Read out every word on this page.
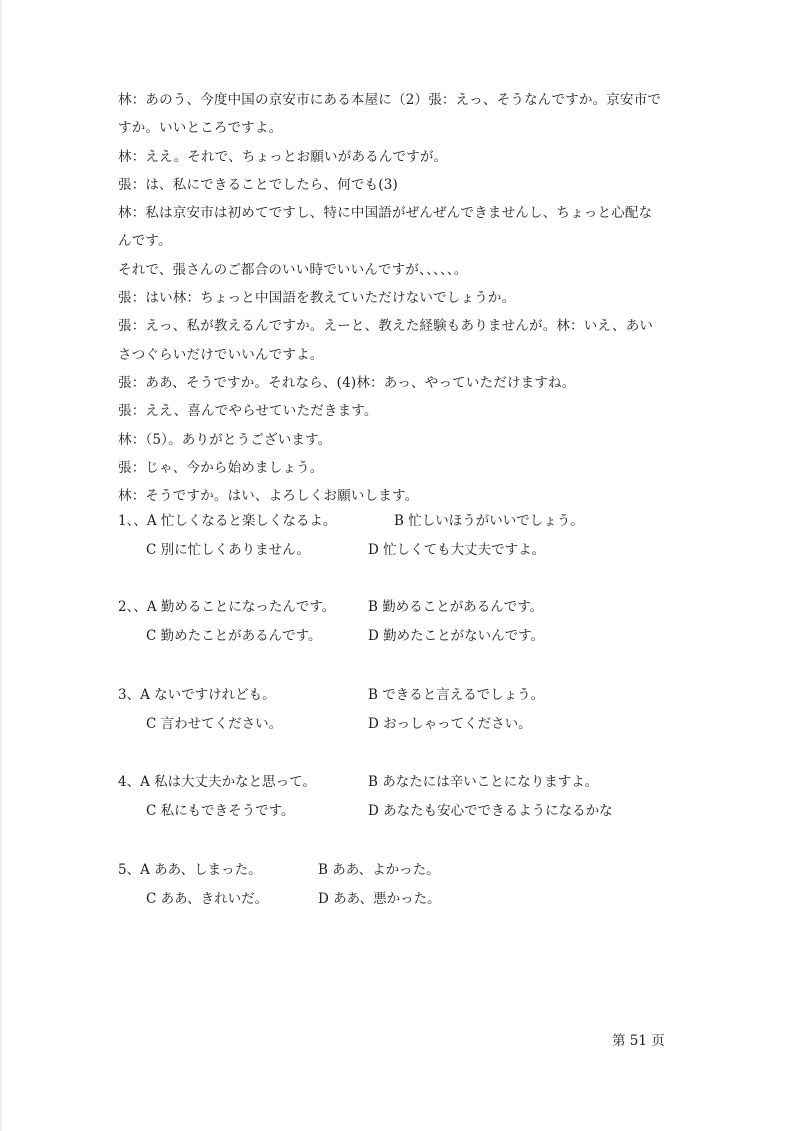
林：あのう、今度中国の京安市にある本屋に（2）張：えっ、そうなんですか。京安市で
すか。いいところですよ。
林：ええ。それで、ちょっとお願いがあるんですが。
張：は、私にできることでしたら、何でも(3)
林：私は京安市は初めてですし、特に中国語がぜんぜんできませんし、ちょっと心配な
んです。
それで、張さんのご都合のいい時でいいんですが、、、、、。
張：はい林：ちょっと中国語を教えていただけないでしょうか。
張：えっ、私が教えるんですか。えーと、教えた経験もありませんが。林：いえ、あい
さつぐらいだけでいいんですよ。
張：ああ、そうですか。それなら、(4)林：あっ、やっていただけますね。
張：ええ、喜んでやらせていただきます。
林：（5）。ありがとうございます。
張：じゃ、今から始めましょう。
林：そうですか。はい、よろしくお願いします。
1、、A 忙しくなると楽しくなるよ。	B 忙しいほうがいいでしょう。
C 別に忙しくありません。	D 忙しくても大丈夫ですよ。
2、、A 勤めることになったんです。 B 勤めることがあるんです。
C 勤めたことがあるんです。	D 勤めたことがないんです。
3、A ないですけれども。	B できると言えるでしょう。
C 言わせてください。	D おっしゃってください。
4、A 私は大丈夫かなと思って。	B あなたには辛いことになりますよ。
C 私にもできそうです。	D あなたも安心でできるようになるかな
5、A ああ、しまった。	B ああ、よかった。
C ああ、きれいだ。	D ああ、悪かった。
第 51 页
